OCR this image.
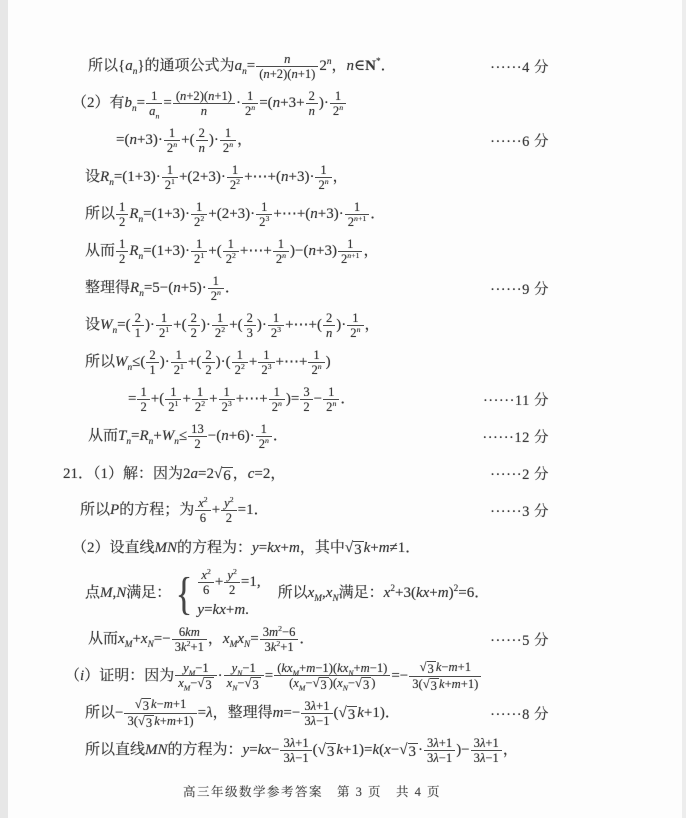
所以$\{a_n\}$的通项公式为$a_n= \frac{n}{(n+2)(n+1)} 2^n$，n∈N*．	······4 分
（2）有$b_n= \frac{1}{a_n} = \frac{(n+2)(n+1)}{n} \cdot \frac{1}{2^n} =(n+3+ \frac{2}{n}$ )· $\frac{1}{2^n}$
$=(n+3)\cdot \frac{1}{2^n}$ +( $\frac{2}{n}$ )· $\frac{1}{2^n}$ ，	······6 分
设$R_n=(1+3)\cdot \frac{1}{2^1} +(2+3)\cdot \frac{1}{2^2}$ +⋯+(n+3)· $\frac{1}{2^n}$ ，
所以 $\frac{1}{2} R_n=(1+3)\cdot \frac{1}{2^2} +(2+3)\cdot \frac{1}{2^3}$ +⋯+(n+3)· $\frac{1}{2^{n+1}}$ ．
从而 $\frac{1}{2} R_n=(1+3)\cdot \frac{1}{2^1}$ +( $\frac{1}{2^2}$ +⋯+ $\frac{1}{2^n} )-(n+3) \frac{1}{2^{n+1}}$ ，
整理得$R_n=5-(n+5)\cdot \frac{1}{2^n}$ ．	······9 分
设$W_n=( \frac{2}{1}$ )· $\frac{1}{2^1}$ +( $\frac{2}{2}$ )· $\frac{1}{2^2}$ +( $\frac{2}{3}$ )· $\frac{1}{2^3}$ +⋯+( $\frac{2}{n}$ )· $\frac{1}{2^n}$ ，
所以$W_n\le( \frac{2}{1}$ )· $\frac{1}{2^1}$ +( $\frac{2}{2}$ )·( $\frac{1}{2^2} + \frac{1}{2^3}$ +⋯+ $\frac{1}{2^n}$ )
= $\frac{1}{2}$ +( $\frac{1}{2^1} + \frac{1}{2^2} + \frac{1}{2^3}$ +⋯+ $\frac{1}{2^n}$ )= $\frac{3}{2} - \frac{1}{2^n}$ ．	······11 分
从而$T_n=R_n+W_n\le \frac{13}{2} -(n+6)\cdot \frac{1}{2^n}$ ．	······12 分
21．（1）解：因为2a=2 √ 6 ，c=2，	······2 分
所以P的方程；为 $\frac{x^2}{6} + \frac{y^2}{2} =1$．	······3 分
（2）设直线MN的方程为：y=kx+m，其中 √ 3 k+m≠1．
点M,N满足： { $\frac{x^2}{6} + \frac{y^2}{2} =1$,
y=kx+m.
　所以$x_M,x_N$满足：$x^2+3(kx+m)^2=6$．
从而$x_M+x_N=- \frac{6km}{3k^2+1}$ ，$x_Mx_N= \frac{3m^2-6}{3k^2+1}$ ．	······5 分
（i）证明：因为 $\frac{y_M-1}{x_M- √ 3} \cdot \frac{y_N-1}{x_N- √ 3} = \frac{(kx_M+m-1)(kx_N+m-1)}{(x_M- √ 3 )(x_N- √ 3 )} =- \frac{√ 3 k-m+1}{3( √ 3 k+m+1)}$
所以− $\frac{√ 3 k-m+1}{3( √ 3 k+m+1)} =\lambda$，整理得$m=- \frac{3\lambda+1}{3\lambda-1}$ ( √ 3 k+1)．	······8 分
所以直线MN的方程为：$y=kx- \frac{3\lambda+1}{3\lambda-1}$ ( √ 3 k+1)=k(x− √ $3 \cdot \frac{3\lambda+1}{3\lambda-1}$ )− $\frac{3\lambda+1}{3\lambda-1}$ ，
高三年级数学参考答案　第 3 页　共 4 页
